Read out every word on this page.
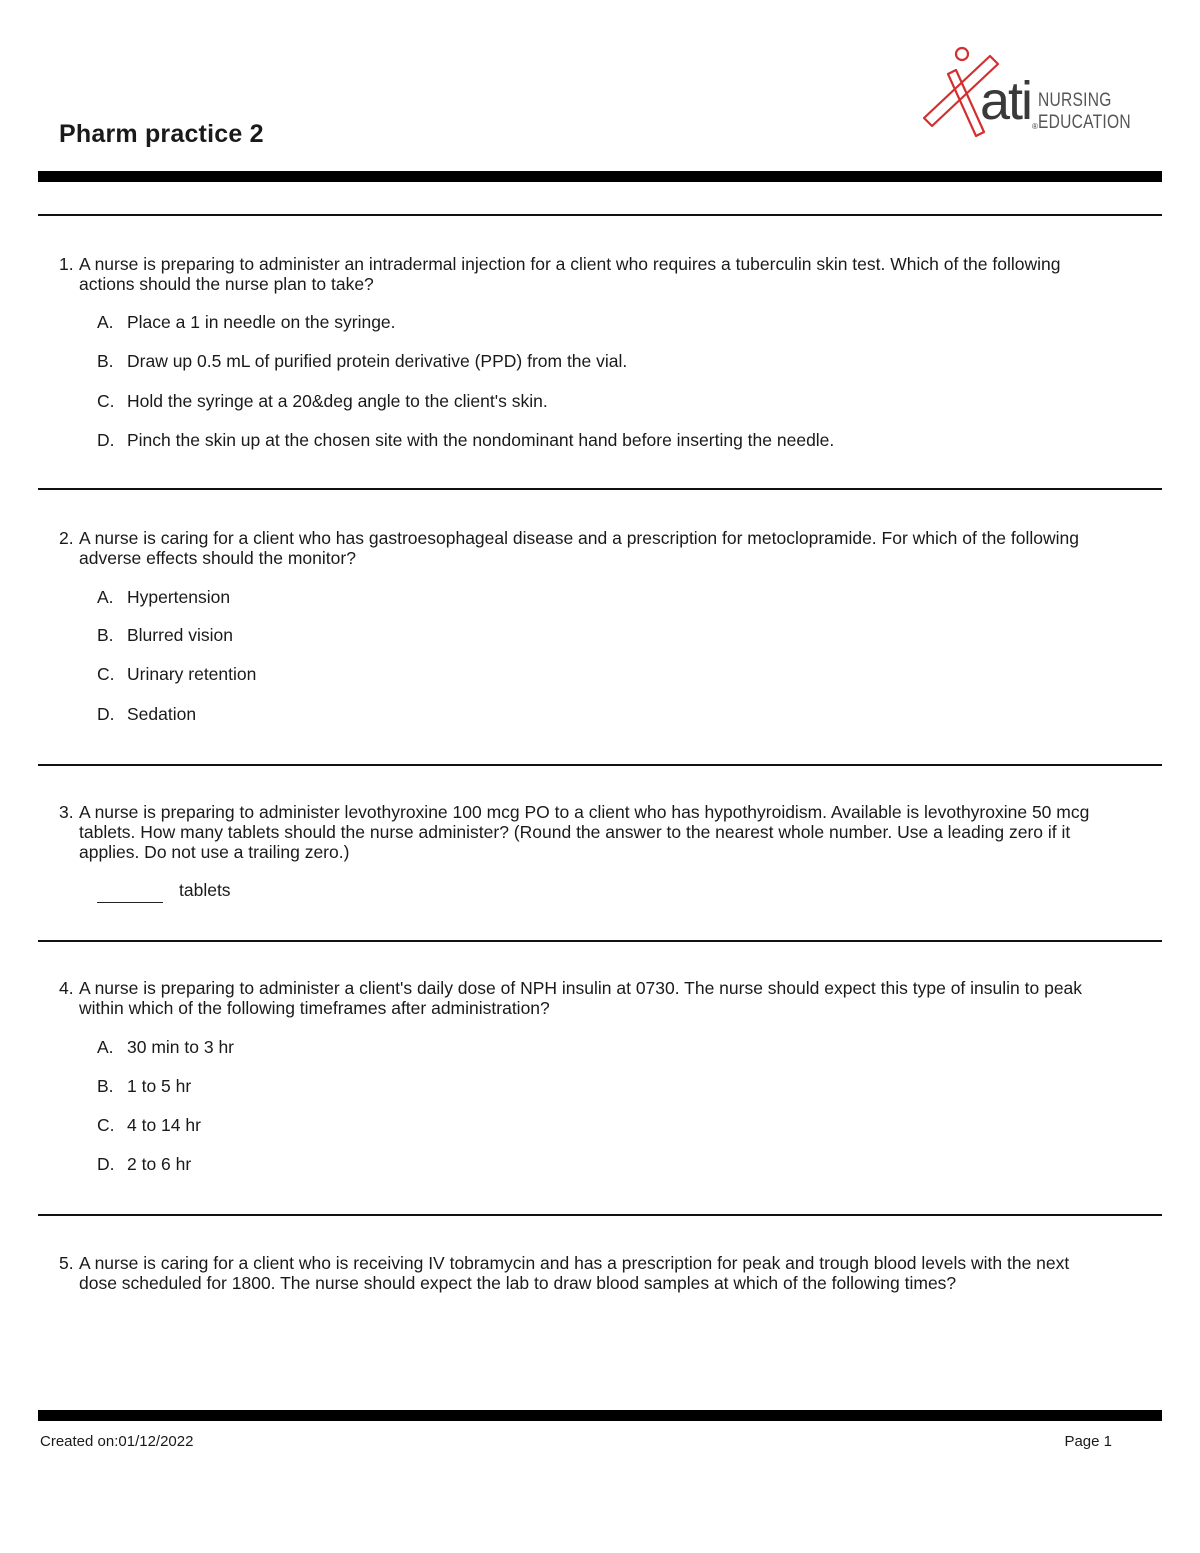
Pharm practice 2
ati ®
NURSING
EDUCATION
1. A nurse is preparing to administer an intradermal injection for a client who requires a tuberculin skin test. Which of the following actions should the nurse plan to take?
A. Place a 1 in needle on the syringe.
B. Draw up 0.5 mL of purified protein derivative (PPD) from the vial.
C. Hold the syringe at a 20&deg angle to the client's skin.
D. Pinch the skin up at the chosen site with the nondominant hand before inserting the needle.
2. A nurse is caring for a client who has gastroesophageal disease and a prescription for metoclopramide. For which of the following adverse effects should the monitor?
A. Hypertension
B. Blurred vision
C. Urinary retention
D. Sedation
3. A nurse is preparing to administer levothyroxine 100 mcg PO to a client who has hypothyroidism. Available is levothyroxine 50 mcg tablets. How many tablets should the nurse administer? (Round the answer to the nearest whole number. Use a leading zero if it applies. Do not use a trailing zero.)
tablets
4. A nurse is preparing to administer a client's daily dose of NPH insulin at 0730. The nurse should expect this type of insulin to peak within which of the following timeframes after administration?
A. 30 min to 3 hr
B. 1 to 5 hr
C. 4 to 14 hr
D. 2 to 6 hr
5. A nurse is caring for a client who is receiving IV tobramycin and has a prescription for peak and trough blood levels with the next dose scheduled for 1800. The nurse should expect the lab to draw blood samples at which of the following times?
Created on:01/12/2022	Page 1
